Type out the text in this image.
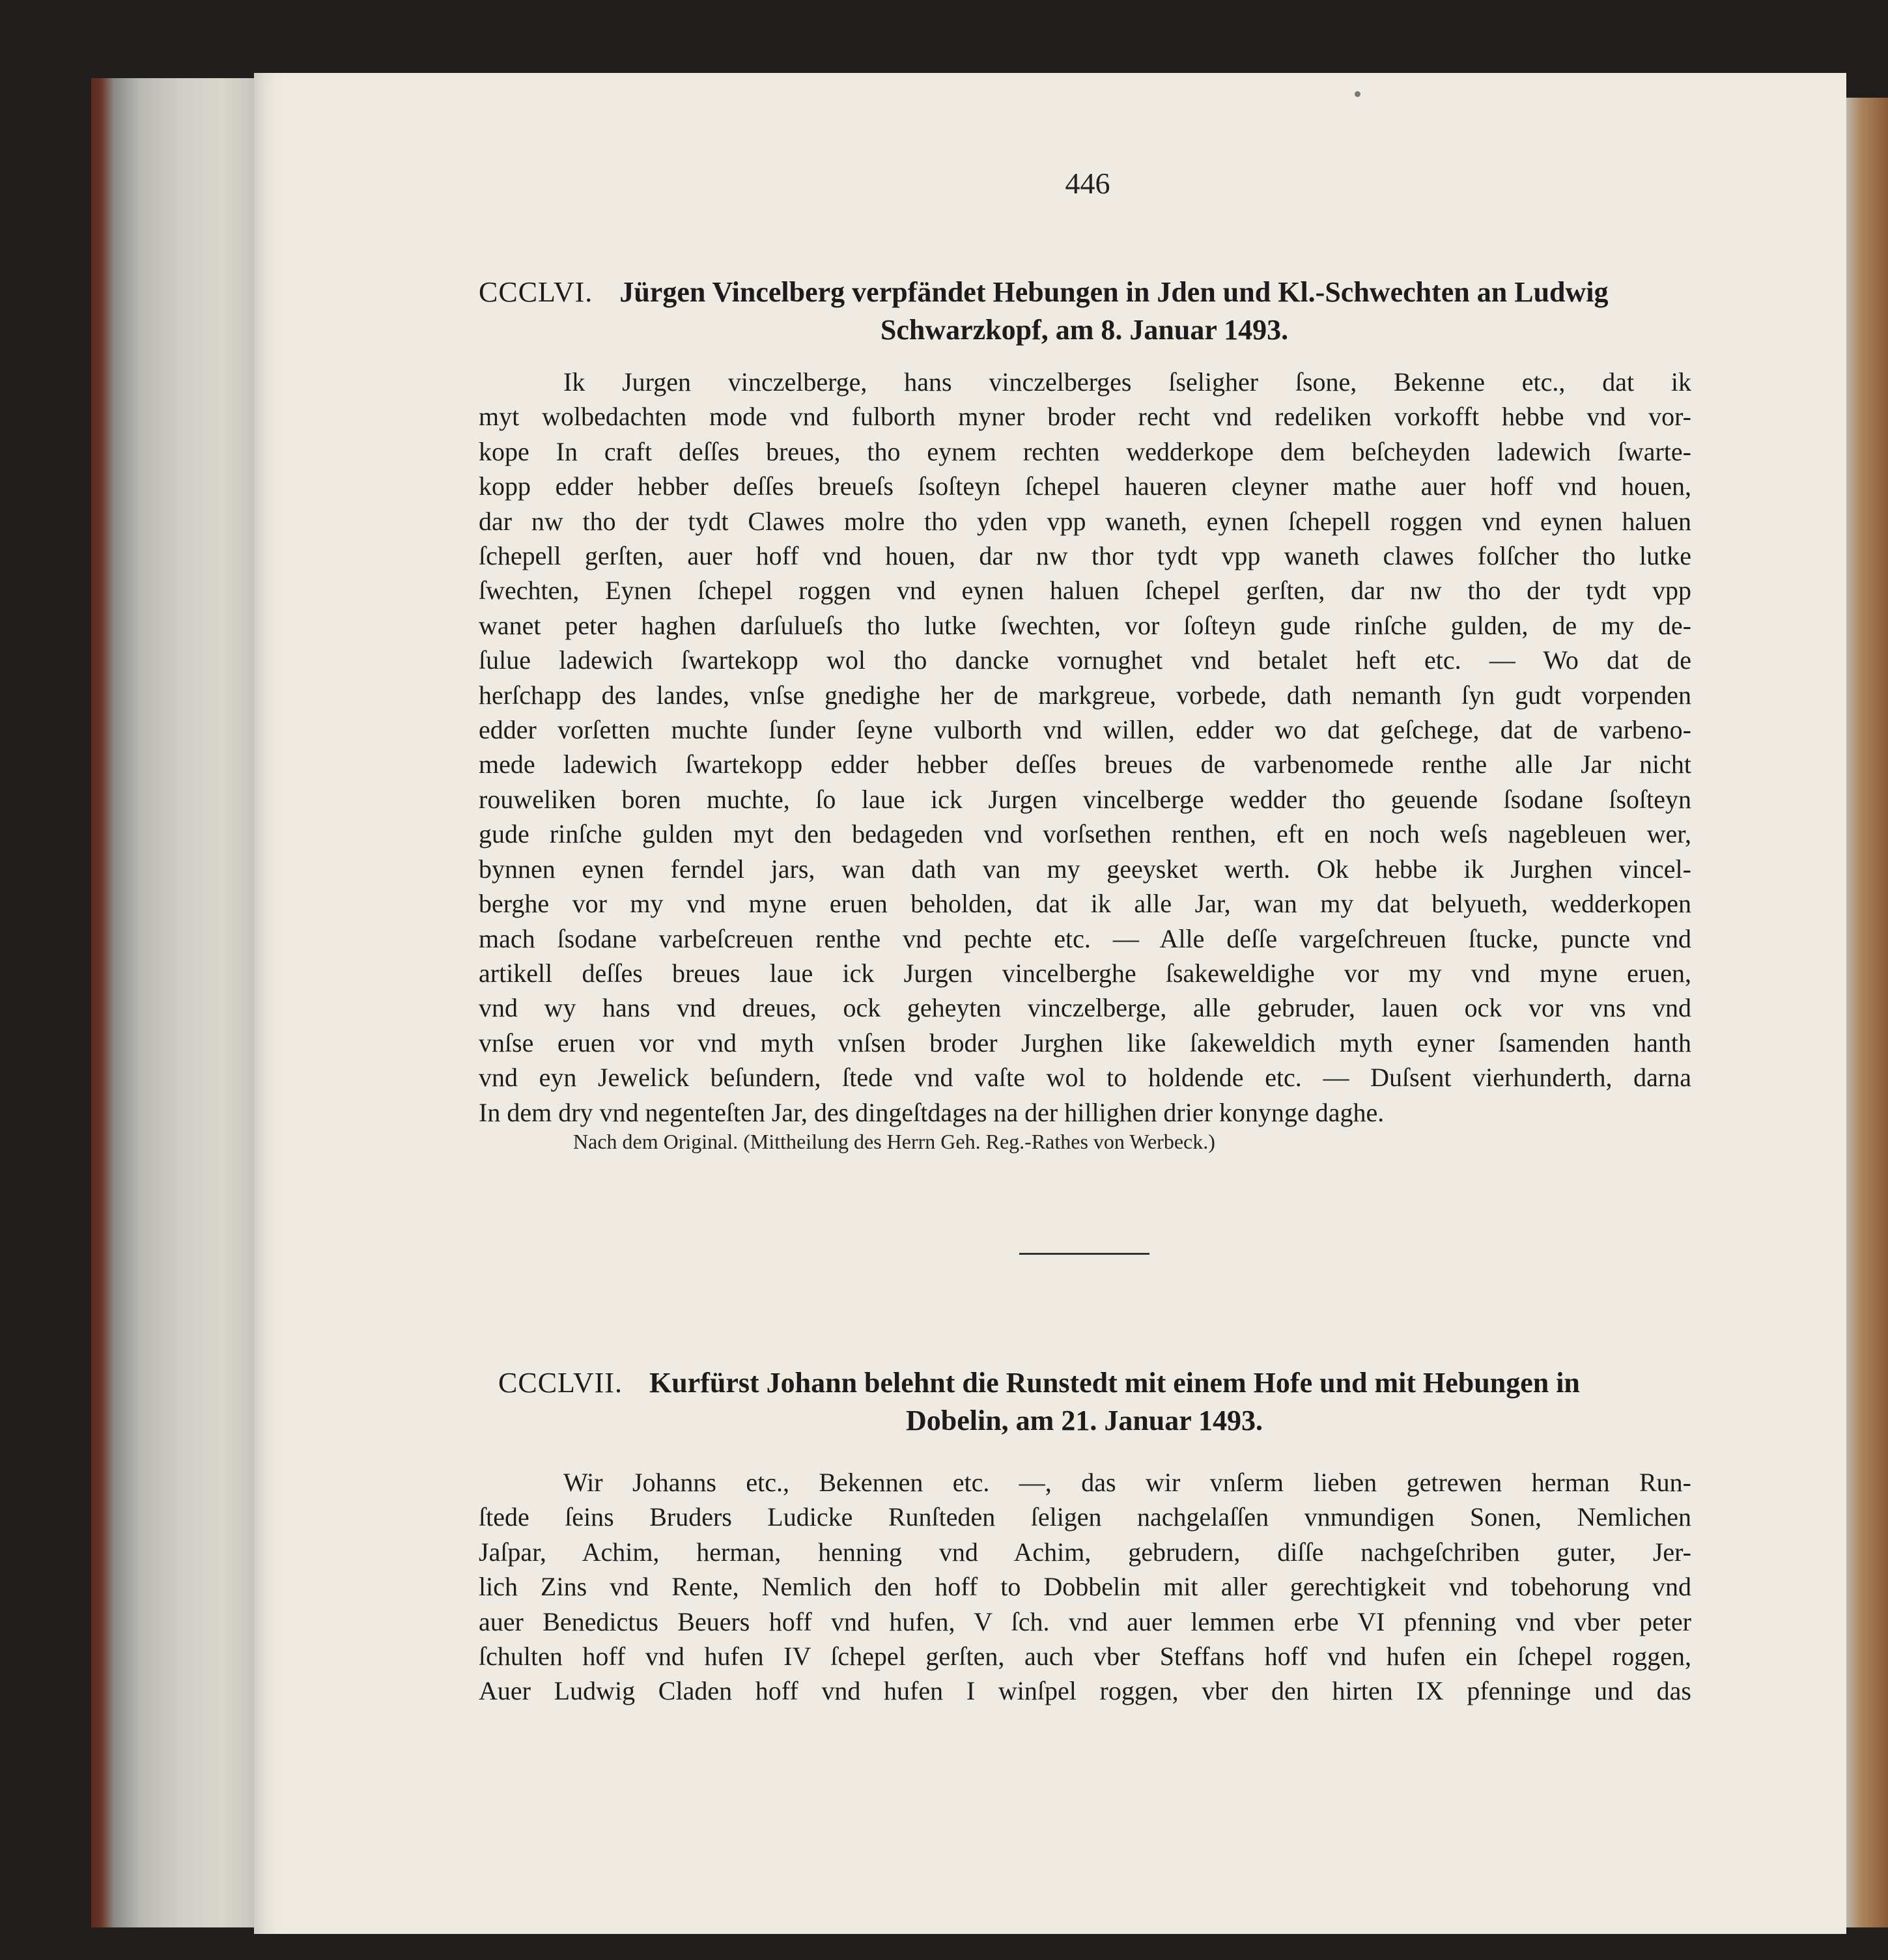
446
CCCLVI. Jürgen Vincelberg verpfändet Hebungen in Jden und Kl.-Schwechten an Ludwig
Schwarzkopf, am 8. Januar 1493.
Ik Jurgen vinczelberge, hans vinczelberges ſseligher ſsone, Bekenne etc., dat ik
myt wolbedachten mode vnd fulborth myner broder recht vnd redeliken vorkofft hebbe vnd vor-
kope In craft deſſes breues, tho eynem rechten wedderkope dem beſcheyden ladewich ſwarte-
kopp edder hebber deſſes breueſs ſsoſteyn ſchepel haueren cleyner mathe auer hoff vnd houen,
dar nw tho der tydt Clawes molre tho yden vpp waneth, eynen ſchepell roggen vnd eynen haluen
ſchepell gerſten, auer hoff vnd houen, dar nw thor tydt vpp waneth clawes folſcher tho lutke
ſwechten, Eynen ſchepel roggen vnd eynen haluen ſchepel gerſten, dar nw tho der tydt vpp
wanet peter haghen darſulueſs tho lutke ſwechten, vor ſoſteyn gude rinſche gulden, de my de-
ſulue ladewich ſwartekopp wol tho dancke vornughet vnd betalet heft etc. — Wo dat de
herſchapp des landes, vnſse gnedighe her de markgreue, vorbede, dath nemanth ſyn gudt vorpenden
edder vorſetten muchte ſunder ſeyne vulborth vnd willen, edder wo dat geſchege, dat de varbeno-
mede ladewich ſwartekopp edder hebber deſſes breues de varbenomede renthe alle Jar nicht
rouweliken boren muchte, ſo laue ick Jurgen vincelberge wedder tho geuende ſsodane ſsoſteyn
gude rinſche gulden myt den bedageden vnd vorſsethen renthen, eft en noch weſs nagebleuen wer,
bynnen eynen ferndel jars, wan dath van my geeysket werth. Ok hebbe ik Jurghen vincel-
berghe vor my vnd myne eruen beholden, dat ik alle Jar, wan my dat belyueth, wedderkopen
mach ſsodane varbeſcreuen renthe vnd pechte etc. — Alle deſſe vargeſchreuen ſtucke, puncte vnd
artikell deſſes breues laue ick Jurgen vincelberghe ſsakeweldighe vor my vnd myne eruen,
vnd wy hans vnd dreues, ock geheyten vinczelberge, alle gebruder, lauen ock vor vns vnd
vnſse eruen vor vnd myth vnſsen broder Jurghen like ſakeweldich myth eyner ſsamenden hanth
vnd eyn Jewelick beſundern, ſtede vnd vaſte wol to holdende etc. — Duſsent vierhunderth, darna
In dem dry vnd negenteſten Jar, des dingeſtdages na der hillighen drier konynge daghe.
Nach dem Original. (Mittheilung des Herrn Geh. Reg.-Rathes von Werbeck.)
CCCLVII. Kurfürst Johann belehnt die Runstedt mit einem Hofe und mit Hebungen in
Dobelin, am 21. Januar 1493.
Wir Johanns etc., Bekennen etc. —, das wir vnſerm lieben getrewen herman Run-
ſtede ſeins Bruders Ludicke Runſteden ſeligen nachgelaſſen vnmundigen Sonen, Nemlichen
Jaſpar, Achim, herman, henning vnd Achim, gebrudern, diſſe nachgeſchriben guter, Jer-
lich Zins vnd Rente, Nemlich den hoff to Dobbelin mit aller gerechtigkeit vnd tobehorung vnd
auer Benedictus Beuers hoff vnd hufen, V ſch. vnd auer lemmen erbe VI pfenning vnd vber peter
ſchulten hoff vnd hufen IV ſchepel gerſten, auch vber Steffans hoff vnd hufen ein ſchepel roggen,
Auer Ludwig Claden hoff vnd hufen I winſpel roggen, vber den hirten IX pfenninge und das
